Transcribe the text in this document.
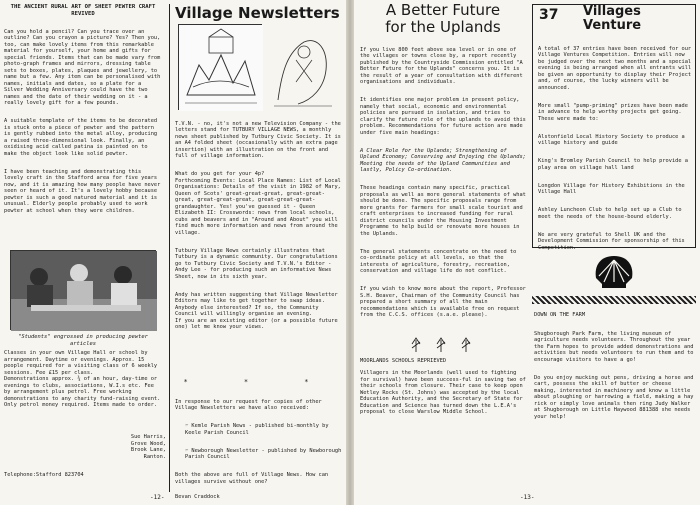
THE ANCIENT RURAL ART OF SHEET PEWTER CRAFT REVIVED

Can you hold a pencil? Can you trace over an outline? Can you crayon a picture? Yes? Then you, too, can make lovely items from this remarkable material for yourself, your home and gifts for special friends. Items that can be made vary from photo-graph frames and mirrors, dressing table sets to boxes, plates, plaques and jewellery, to name but a few. Any item can be personalised with names, initials and dates, so a plate for a Silver Wedding Anniversary could have the two names and the date of their wedding on it - a really lovely gift for a few pounds.

A suitable template of the items to be decorated is stuck onto a piece of pewter and the pattern is gently rubbed into the metal alloy, producing a raised three-dimensional look. Finally, an oxidising acid called patina is painted on to make the object look like solid pewter.

I have been teaching and demonstrating this lovely craft in the Stafford area for five years now, and it is amazing how many people have never seen or heard of it. It's a lovely hobby because pewter is such a good natured material and it is unusual. Elderly people probably used to work pewter at school when they were children.

"Students" engrossed in producing pewter articles
Classes in your own Village Hall or school by arrangement. Daytime or evenings. Approx. 15 people required for a visiting class of 6 weekly sessions. Fee £15 per class.
Demonstrations approx. ¾ of an hour, day-time or evenings to clubs, associations, W.I.s etc. Fee by arrangement plus petrol. Free working demonstrations to any charity fund-raising event. Only petrol money required. Items made to order.
Sue Harris,
Grove Wood,
Brook Lane,
Ranton.
Telephone:Stafford 823704
Village Newsletters

T.V.N. - no, it's not a new Television Company - the letters stand for TUTBURY VILLAGE NEWS, a monthly news sheet published by Tutbury Civic Society. It is an A4 folded sheet (occasionally with an extra page insertion) with an illustration on the front and full of village information.

What do you get for your 4p?
Forthcoming Events: Local Place Names: List of Local Organisations: Details of the visit in 1982 of Mary, Queen of Scots' great-great-great, great-great-great, great-great-great, great-great-great-grandaughter. Yes! you've guessed it - Queen Elizabeth II: Crosswords: news from local schools, cubs and beavers and in "Around and About" you will find much more information and news from around the village.

Tutbury Village News certainly illustrates that Tutbury is a dynamic community. Our congratulations go to Tutbury Civic Society and T.V.N.'s Editor - Andy Lee - for producing such an informative News Sheet, now in its sixth year.

Andy has written suggesting that Village Newsletter Editors may like to get together to swap ideas. Anybody else interested? If so, the Community Council will willingly organise an evening.
If you are an existing editor (or a possible future one) let me know your views.

* * *

In response to our request for copies of other Village Newsletters we have also received:

☞ Kemle Parish News - published bi-monthly by Keele Parish Council

☞ Newborough Newsletter - published by Newborough Parish Council

Both the above are full of Village News. How can villages survive without one?

Bevan Craddock
-12-
A Better Future
for the Uplands

If you live 800 feet above sea level or in one of the villages or towns close by, a report recently published by the Countryside Commission entitled "A Better Future for the Uplands" concerns you. It is the result of a year of consultation with different organisations and individuals.

It identifies one major problem in present policy, namely that social, economic and environmental policies are pursued in isolation, and tries to clarify the future role of the uplands to avoid this problem. Recommendations for future action are made under five main headings:

A Clear Role for the Uplands; Strengthening of Upland Economy; Conserving and Enjoying the Uplands; Meeting the needs of the Upland Communities and lastly, Policy Co-ordination.

These headings contain many specific, practical proposals as well as more general statements of what should be done. The specific proposals range from more grants for farmers for small scale tourist and craft enterprises to increased funding for rural district councils under the Housing Investment Programme to help build or renovate more houses in the Uplands.

The general statements concentrate on the need to co-ordinate policy at all levels, so that the interests of agriculture, forestry, recreation, conservation and village life do not conflict.

If you wish to know more about the report, Professor S.H. Beaver, Chairman of the Community Council has prepared a short summary of all the main recommendations which is available free on request from the C.C.S. offices (s.a.e. please).

MOORLANDS SCHOOLS REPRIEVED
Villagers in the Moorlands (well used to fighting for survival) have been success-ful in saving two of their schools from closure. Their case to keep open Wetley Rocks (St. Johns) was accepted by the local Education Authority, and the Secretary of State for Education and Science has turned down the L.E.A's proposal to close Warslow Middle School.
-13-
37 Villages
Venture

A total of 37 entries have been received for our Village Ventures Competition. Entries will now be judged over the next two months and a special evening is being arranged when all entrants will be given an opportunity to display their Project and, of course, the lucky winners will be announced.

More small "pump-priming" prizes have been made in advance to help worthy projects get going. These were made to:

Alstonfield Local History Society to produce a village history and guide

King's Bromley Parish Council to help provide a play area on village hall land

Longdon Village for History Exhibitions in the Village Hall

Ashley Luncheon Club to help set up a Club to meet the needs of the house-bound elderly.

We are very grateful to Shell UK and the Development Commission for sponsorship of this Competition.

DOWN ON THE FARM

Shugborough Park Farm, the living museum of agriculture needs volunteers. Throughout the year the Farm hopes to provide added demonstrations and activities but needs volunteers to run them and to encourage visitors to have a go!

Do you enjoy mucking out pens, driving a horse and cart, possess the skill of butter or cheese making, interested in machinery and know a little about ploughing or harrowing a field, making a hay rick or simply love animals then ring Judy Walker at Shugborough on Little Haywood 881388 she needs your help!
